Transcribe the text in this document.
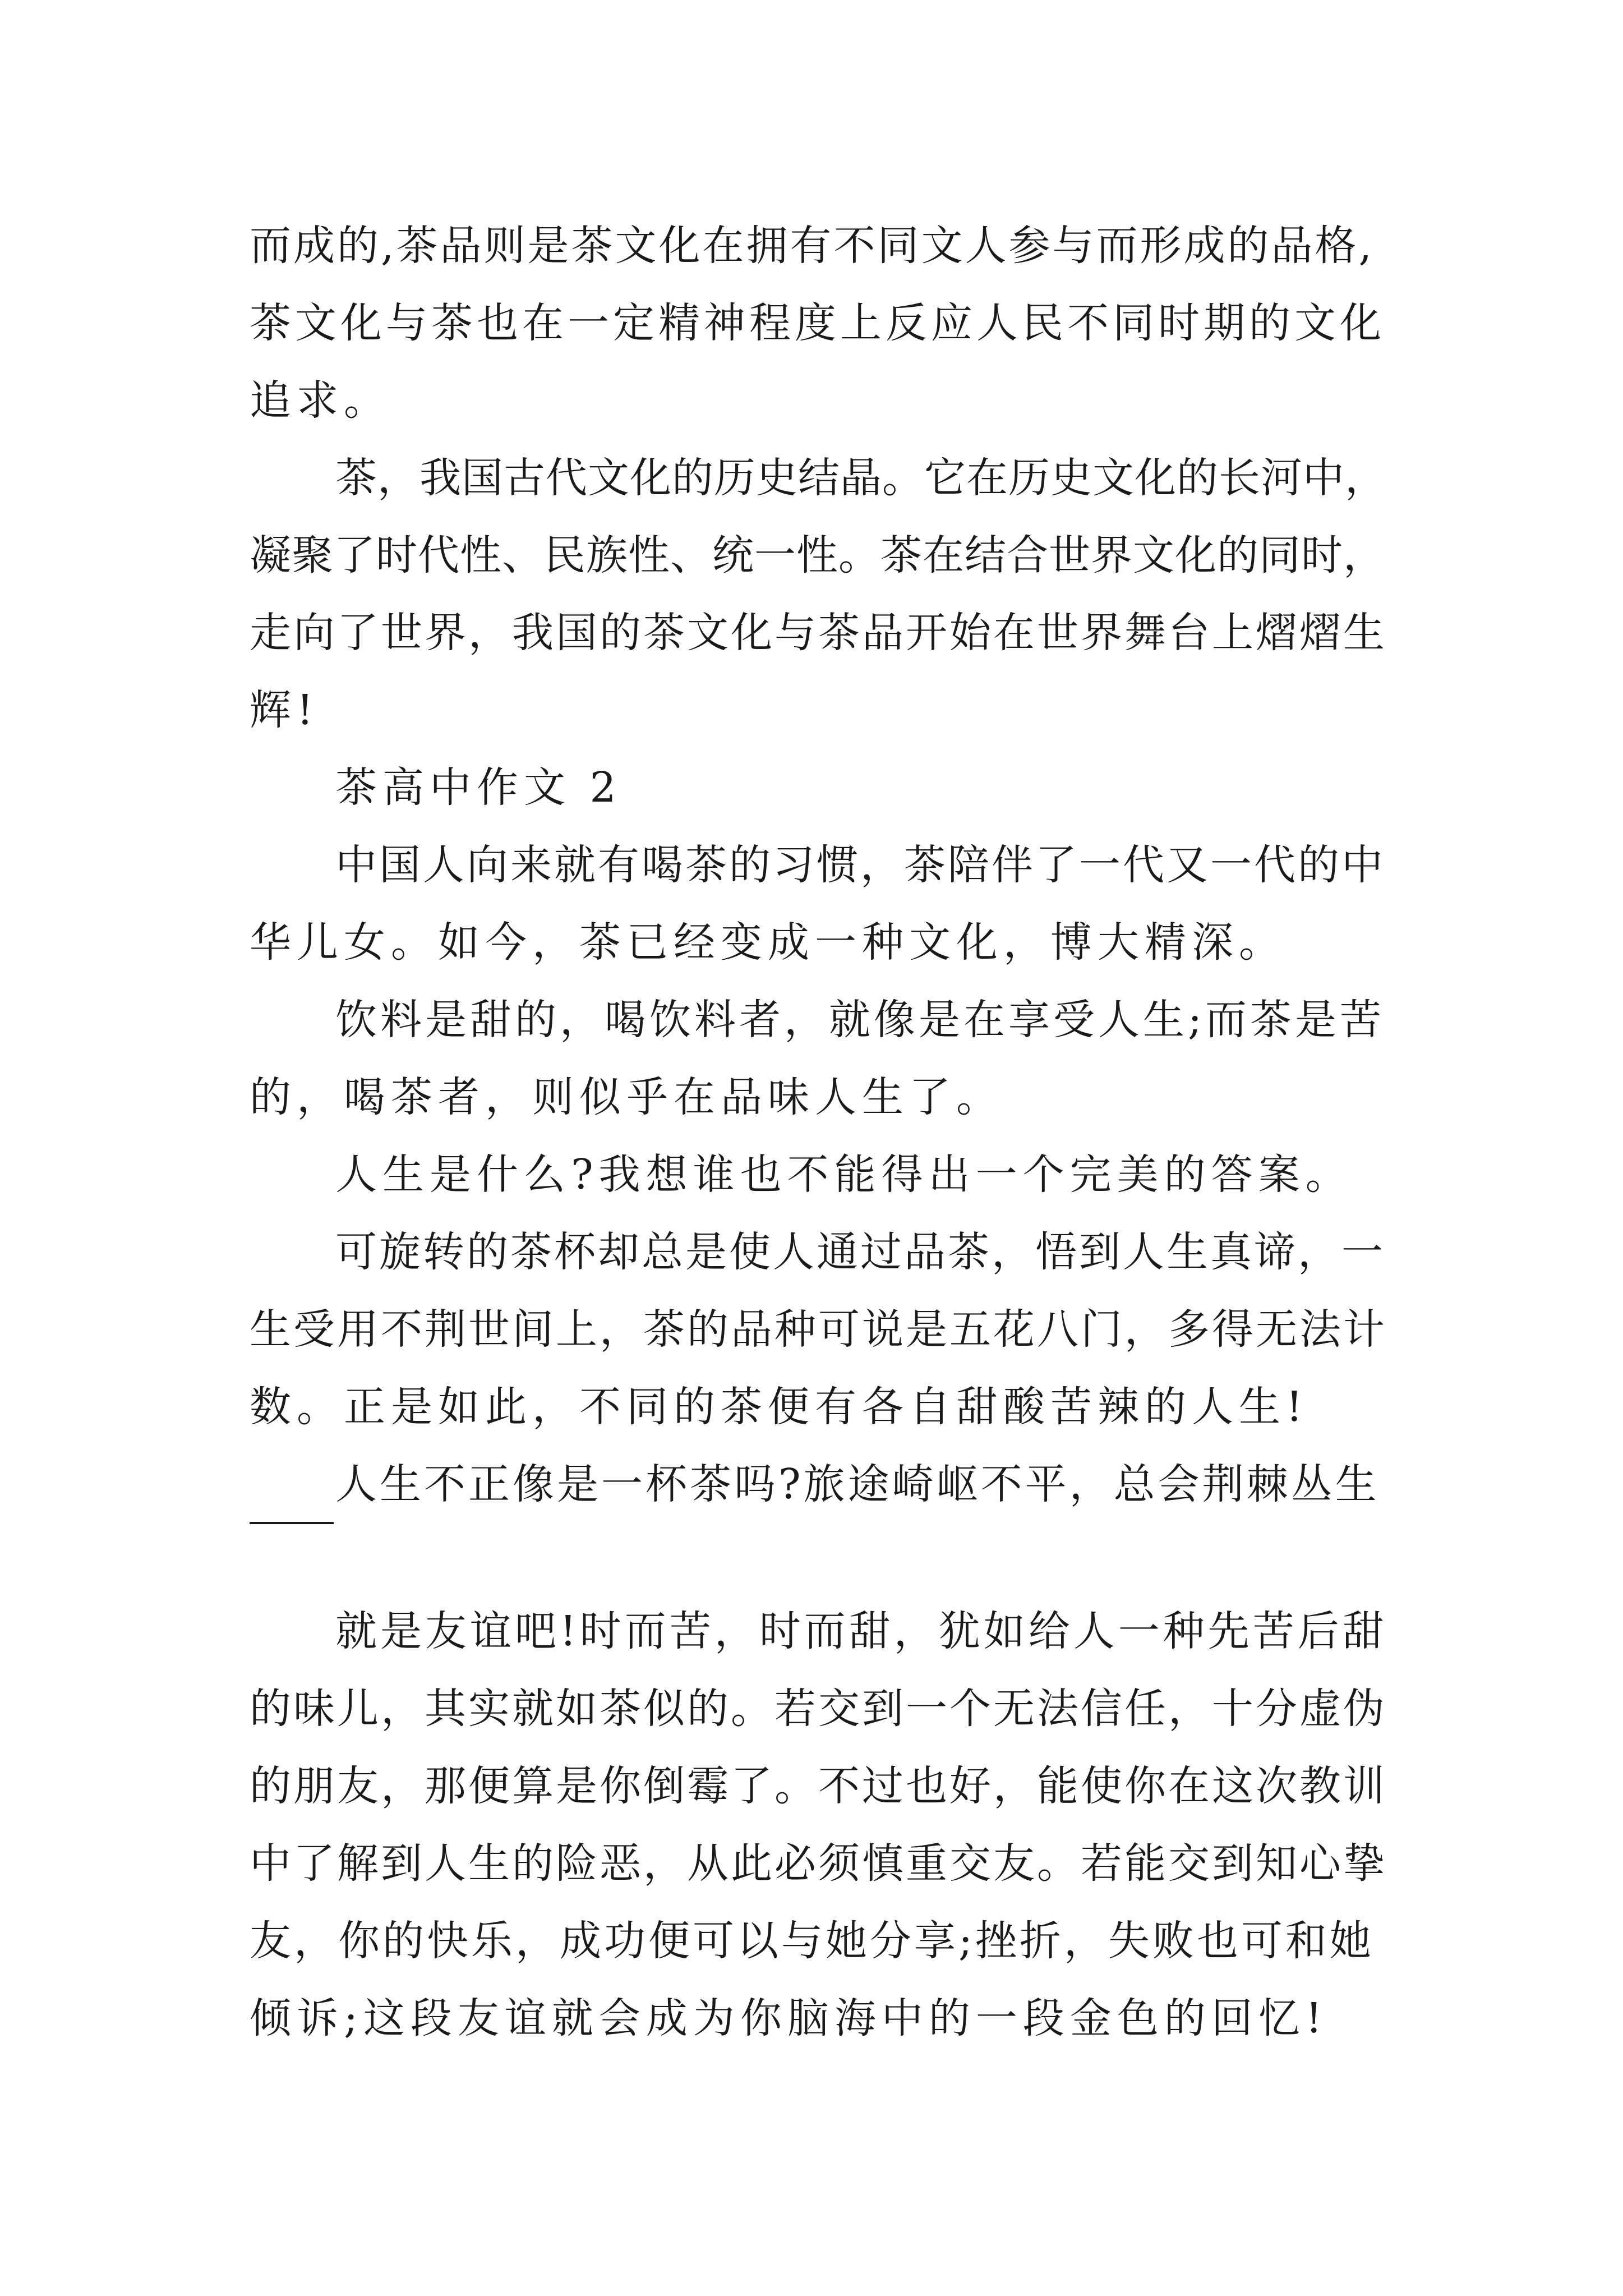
而成的,茶品则是茶文化在拥有不同文人参与而形成的品格,
茶文化与茶也在一定精神程度上反应人民不同时期的文化
追求。
茶，我国古代文化的历史结晶。它在历史文化的长河中，
凝聚了时代性、民族性、统一性。茶在结合世界文化的同时，
走向了世界，我国的茶文化与茶品开始在世界舞台上熠熠生
辉!
茶高中作文 2
中国人向来就有喝茶的习惯，茶陪伴了一代又一代的中
华儿女。如今，茶已经变成一种文化，博大精深。
饮料是甜的，喝饮料者，就像是在享受人生;而茶是苦
的，喝茶者，则似乎在品味人生了。
人生是什么?我想谁也不能得出一个完美的答案。
可旋转的茶杯却总是使人通过品茶，悟到人生真谛，一
生受用不荆世间上，茶的品种可说是五花八门，多得无法计
数。正是如此，不同的茶便有各自甜酸苦辣的人生!
人生不正像是一杯茶吗?旅途崎岖不平，总会荆棘丛生
就是友谊吧!时而苦，时而甜，犹如给人一种先苦后甜
的味儿，其实就如茶似的。若交到一个无法信任，十分虚伪
的朋友，那便算是你倒霉了。不过也好，能使你在这次教训
中了解到人生的险恶，从此必须慎重交友。若能交到知心挚
友，你的快乐，成功便可以与她分享;挫折，失败也可和她
倾诉;这段友谊就会成为你脑海中的一段金色的回忆!
